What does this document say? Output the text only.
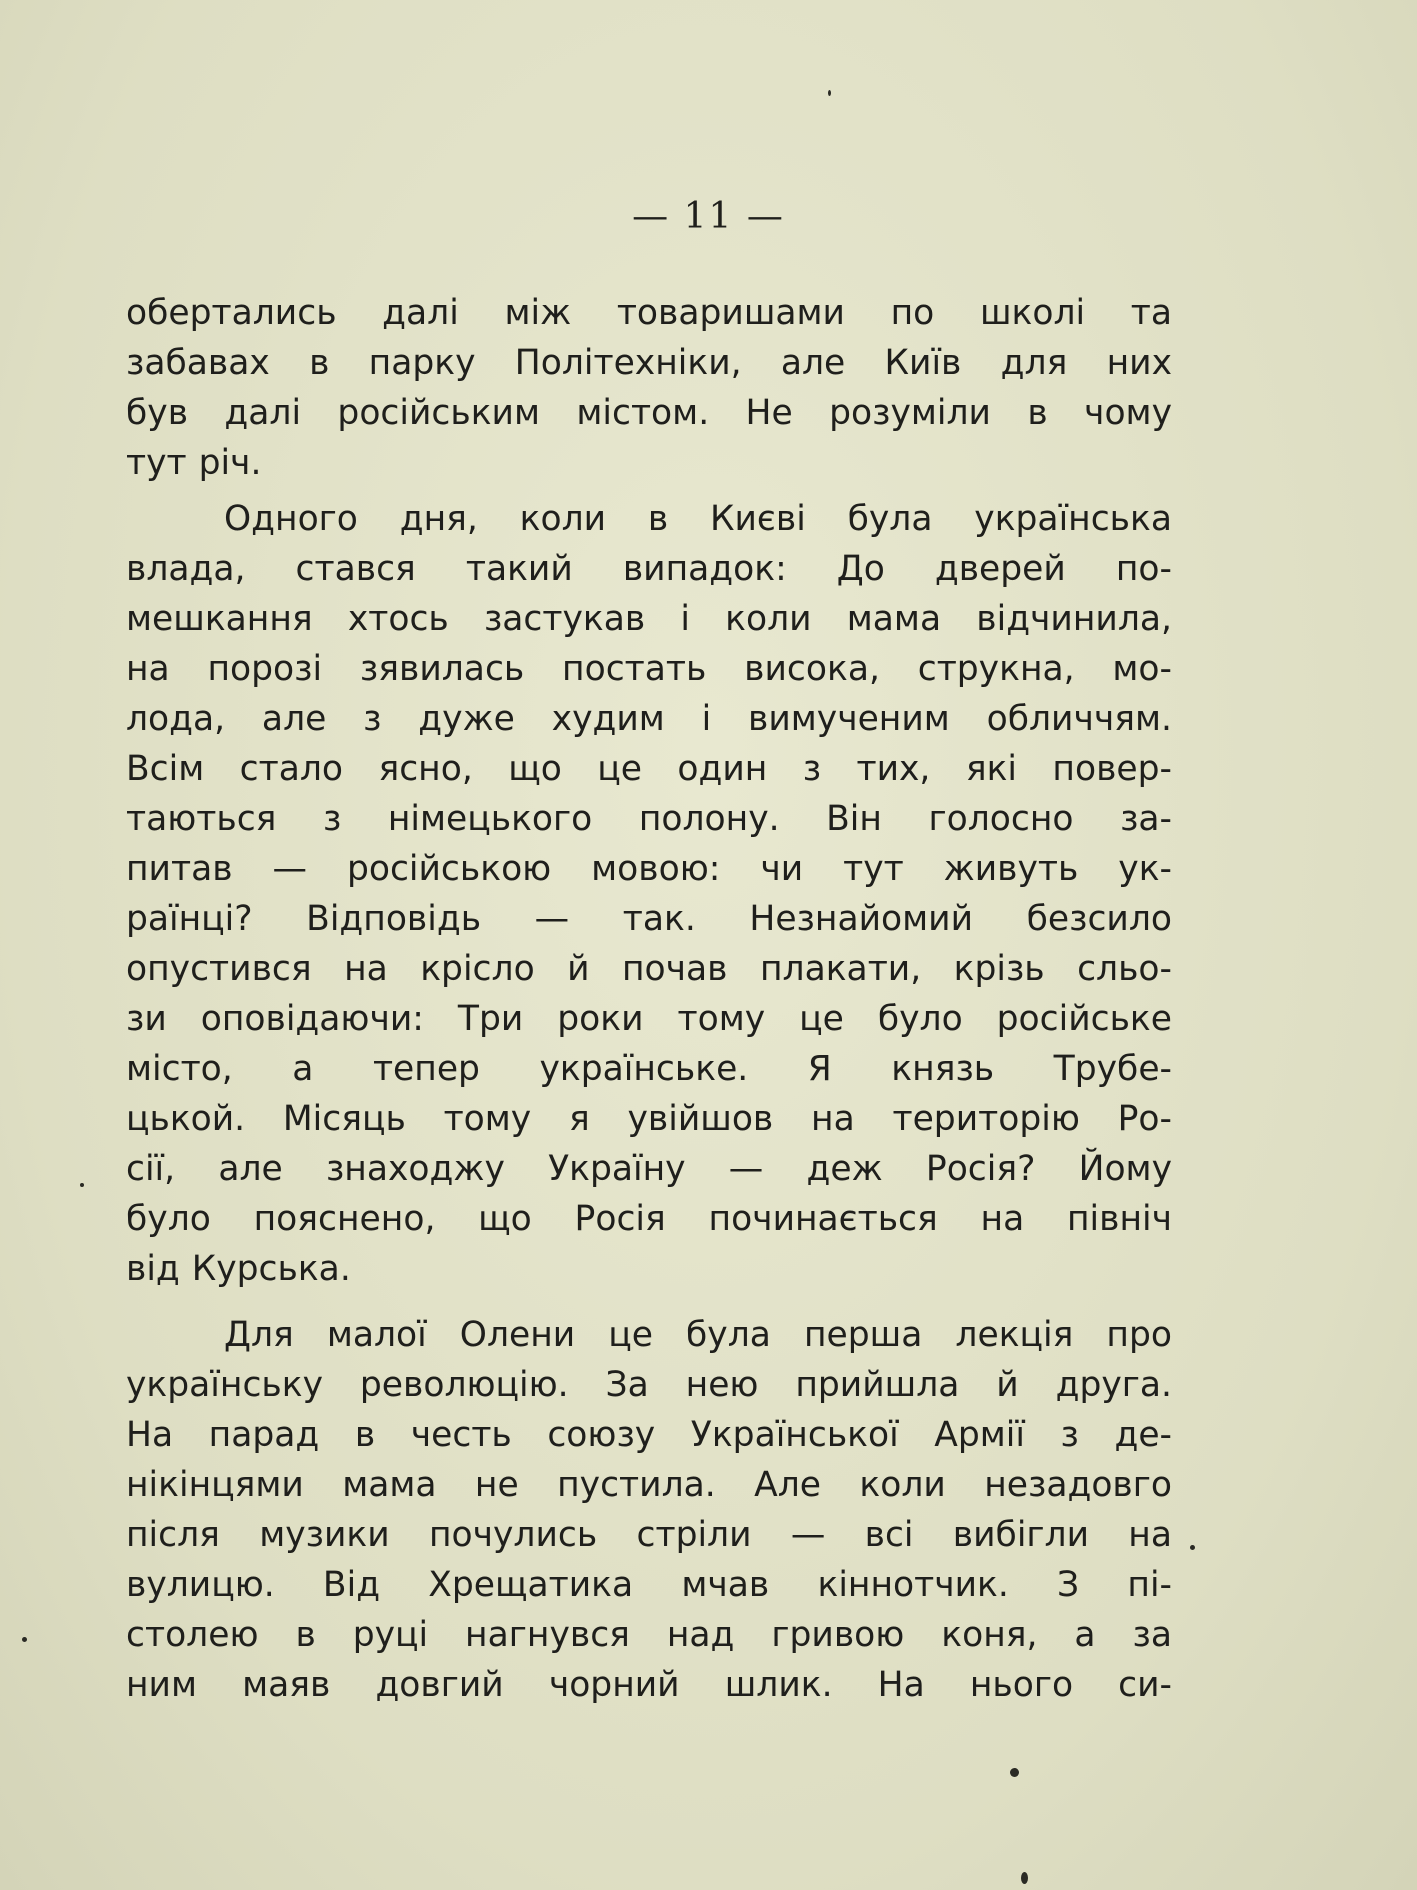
— 11 —
обертались далі між товаришами по школі та
забавах в парку Політехніки, але Київ для них
був далі російським містом. Не розуміли в чому
тут річ.
Одного дня, коли в Києві була українська
влада, стався такий випадок: До дверей по-
мешкання хтось застукав і коли мама відчинила,
на порозі зявилась постать висока, струкна, мо-
лода, але з дуже худим і вимученим обличчям.
Всім стало ясно, що це один з тих, які повер-
таються з німецького полону. Він голосно за-
питав — російською мовою: чи тут живуть ук-
раїнці? Відповідь — так. Незнайомий безсило
опустився на крісло й почав плакати, крізь сльо-
зи оповідаючи: Три роки тому це було російське
місто, а тепер українське. Я князь Трубе-
цькой. Місяць тому я увійшов на територію Ро-
сії, але знаходжу Україну — деж Росія? Йому
було пояснено, що Росія починається на північ
від Курська.
Для малої Олени це була перша лекція про
українську революцію. За нею прийшла й друга.
На парад в честь союзу Української Армії з де-
нікінцями мама не пустила. Але коли незадовго
після музики почулись стріли — всі вибігли на
вулицю. Від Хрещатика мчав кіннотчик. З пі-
столею в руці нагнувся над гривою коня, а за
ним маяв довгий чорний шлик. На нього си-
